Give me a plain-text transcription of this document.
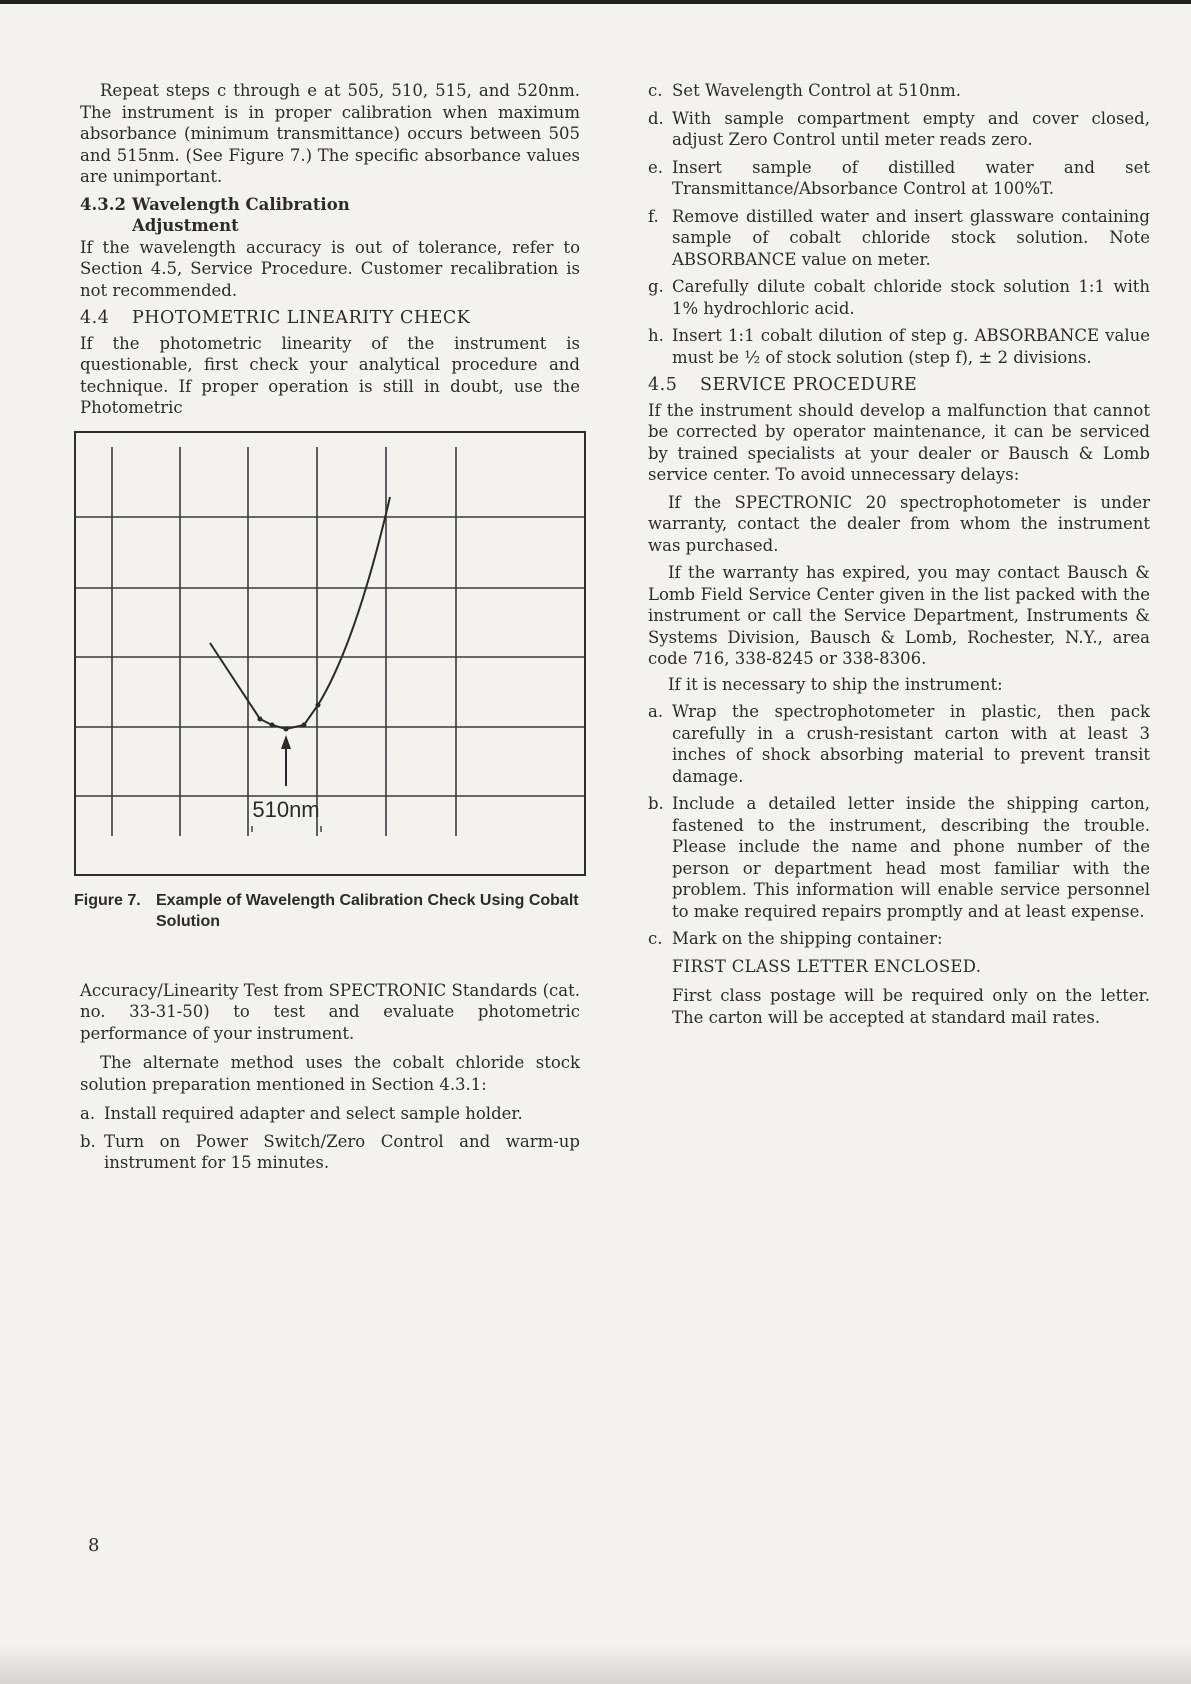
Repeat steps c through e at 505, 510, 515, and 520nm. The instrument is in proper calibration when maximum absorbance (minimum transmittance) occurs between 505 and 515nm. (See Figure 7.) The specific absorbance values are unimportant.

4.3.2 Wavelength Calibration
Adjustment

If the wavelength accuracy is out of tolerance, refer to Section 4.5, Service Procedure. Customer recalibration is not recommended.

4.4 PHOTOMETRIC LINEARITY CHECK

If the photometric linearity of the instrument is questionable, first check your analytical procedure and technique. If proper operation is still in doubt, use the Photometric

510nm
Figure 7. Example of Wavelength Calibration Check Using Cobalt Solution

Accuracy/Linearity Test from SPECTRONIC Standards (cat. no. 33-31-50) to test and evaluate photometric performance of your instrument.

The alternate method uses the cobalt chloride stock solution preparation mentioned in Section 4.3.1:

a. Install required adapter and select sample holder.
b. Turn on Power Switch/Zero Control and warm-up instrument for 15 minutes.
c. Set Wavelength Control at 510nm.
d. With sample compartment empty and cover closed, adjust Zero Control until meter reads zero.
e. Insert sample of distilled water and set Transmittance/Absorbance Control at 100%T.
f. Remove distilled water and insert glassware containing sample of cobalt chloride stock solution. Note ABSORBANCE value on meter.
g. Carefully dilute cobalt chloride stock solution 1:1 with 1% hydrochloric acid.
h. Insert 1:1 cobalt dilution of step g. ABSORBANCE value must be ½ of stock solution (step f), ± 2 divisions.
4.5 SERVICE PROCEDURE

If the instrument should develop a malfunction that cannot be corrected by operator maintenance, it can be serviced by trained specialists at your dealer or Bausch & Lomb service center. To avoid unnecessary delays:

If the SPECTRONIC 20 spectrophotometer is under warranty, contact the dealer from whom the instrument was purchased.

If the warranty has expired, you may contact Bausch & Lomb Field Service Center given in the list packed with the instrument or call the Service Department, Instruments & Systems Division, Bausch & Lomb, Rochester, N.Y., area code 716, 338-8245 or 338-8306.

If it is necessary to ship the instrument:

a. Wrap the spectrophotometer in plastic, then pack carefully in a crush-resistant carton with at least 3 inches of shock absorbing material to prevent transit damage.
b. Include a detailed letter inside the shipping carton, fastened to the instrument, describing the trouble. Please include the name and phone number of the person or department head most familiar with the problem. This information will enable service personnel to make required repairs promptly and at least expense.
c. Mark on the shipping container:
FIRST CLASS LETTER ENCLOSED.

First class postage will be required only on the letter. The carton will be accepted at standard mail rates.

8
